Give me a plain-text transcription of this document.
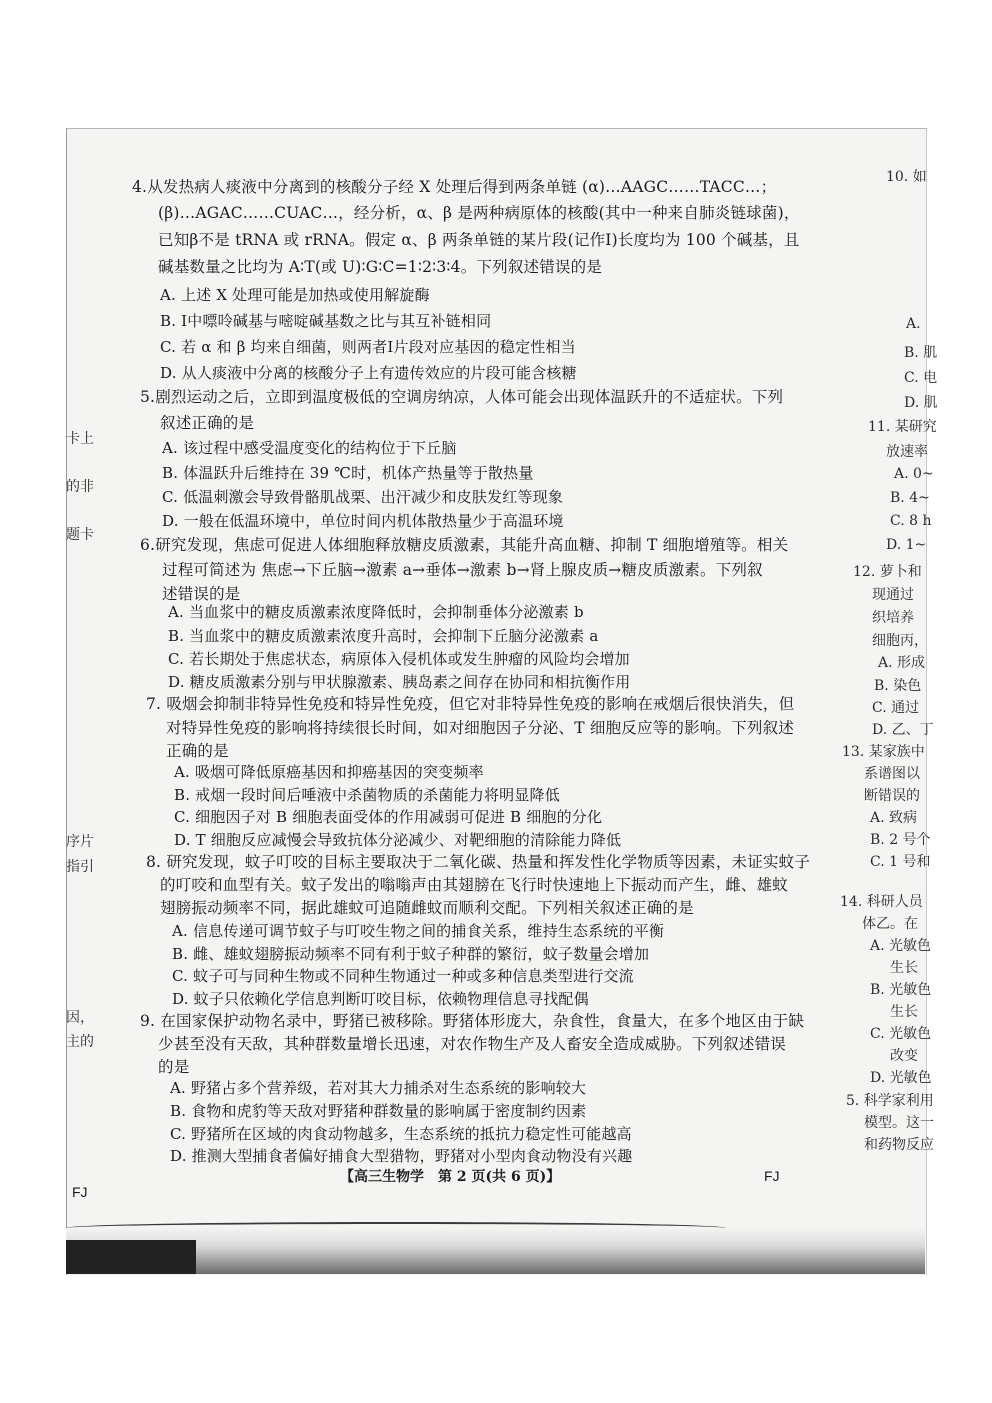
4.从发热病人痰液中分离到的核酸分子经 X 处理后得到两条单链 (α)…AAGC……TACC…；
(β)…AGAC……CUAC…，经分析，α、β 是两种病原体的核酸(其中一种来自肺炎链球菌)，
已知β不是 tRNA 或 rRNA。假定 α、β 两条单链的某片段(记作Ⅰ)长度均为 100 个碱基，且
碱基数量之比均为 A∶T(或 U)∶G∶C=1∶2∶3∶4。下列叙述错误的是
A. 上述 X 处理可能是加热或使用解旋酶
B. Ⅰ中嘌呤碱基与嘧啶碱基数之比与其互补链相同
C. 若 α 和 β 均来自细菌，则两者Ⅰ片段对应基因的稳定性相当
D. 从人痰液中分离的核酸分子上有遗传效应的片段可能含核糖
5.剧烈运动之后，立即到温度极低的空调房纳凉，人体可能会出现体温跃升的不适症状。下列
叙述正确的是
A. 该过程中感受温度变化的结构位于下丘脑
B. 体温跃升后维持在 39 ℃时，机体产热量等于散热量
C. 低温刺激会导致骨骼肌战栗、出汗减少和皮肤发红等现象
D. 一般在低温环境中，单位时间内机体散热量少于高温环境
6.研究发现，焦虑可促进人体细胞释放糖皮质激素，其能升高血糖、抑制 T 细胞增殖等。相关
过程可简述为 焦虑→下丘脑→激素 a→垂体→激素 b→肾上腺皮质→糖皮质激素。下列叙
述错误的是
A. 当血浆中的糖皮质激素浓度降低时，会抑制垂体分泌激素 b
B. 当血浆中的糖皮质激素浓度升高时，会抑制下丘脑分泌激素 a
C. 若长期处于焦虑状态，病原体入侵机体或发生肿瘤的风险均会增加
D. 糖皮质激素分别与甲状腺激素、胰岛素之间存在协同和相抗衡作用
7. 吸烟会抑制非特异性免疫和特异性免疫，但它对非特异性免疫的影响在戒烟后很快消失，但
对特异性免疫的影响将持续很长时间，如对细胞因子分泌、T 细胞反应等的影响。下列叙述
正确的是
A. 吸烟可降低原癌基因和抑癌基因的突变频率
B. 戒烟一段时间后唾液中杀菌物质的杀菌能力将明显降低
C. 细胞因子对 B 细胞表面受体的作用减弱可促进 B 细胞的分化
D. T 细胞反应减慢会导致抗体分泌减少、对靶细胞的清除能力降低
8. 研究发现，蚊子叮咬的目标主要取决于二氧化碳、热量和挥发性化学物质等因素，未证实蚊子
的叮咬和血型有关。蚊子发出的嗡嗡声由其翅膀在飞行时快速地上下振动而产生，雌、雄蚊
翅膀振动频率不同，据此雄蚊可追随雌蚊而顺利交配。下列相关叙述正确的是
A. 信息传递可调节蚊子与叮咬生物之间的捕食关系，维持生态系统的平衡
B. 雌、雄蚊翅膀振动频率不同有利于蚊子种群的繁衍，蚊子数量会增加
C. 蚊子可与同种生物或不同种生物通过一种或多种信息类型进行交流
D. 蚊子只依赖化学信息判断叮咬目标，依赖物理信息寻找配偶
9. 在国家保护动物名录中，野猪已被移除。野猪体形庞大，杂食性，食量大，在多个地区由于缺
少甚至没有天敌，其种群数量增长迅速，对农作物生产及人畜安全造成威胁。下列叙述错误
的是
A. 野猪占多个营养级，若对其大力捕杀对生态系统的影响较大
B. 食物和虎豹等天敌对野猪种群数量的影响属于密度制约因素
C. 野猪所在区域的肉食动物越多，生态系统的抵抗力稳定性可能越高
D. 推测大型捕食者偏好捕食大型猎物，野猪对小型肉食动物没有兴趣
【高三生物学　第 2 页(共 6 页)】
FJ
FJ
卡上
的非
题卡
序片
指引
因，
主的
10. 如
A.
B. 肌
C. 电
D. 肌
11. 某研究
放速率
A. 0~
B. 4~
C. 8 h
D. 1~
12. 萝卜和
现通过
织培养
细胞丙，
A. 形成
B. 染色
C. 通过
D. 乙、丁
13. 某家族中
系谱图以
断错误的
A. 致病
B. 2 号个
C. 1 号和
14. 科研人员
体乙。在
A. 光敏色
生长
B. 光敏色
生长
C. 光敏色
改变
D. 光敏色
5. 科学家利用
模型。这一
和药物反应
